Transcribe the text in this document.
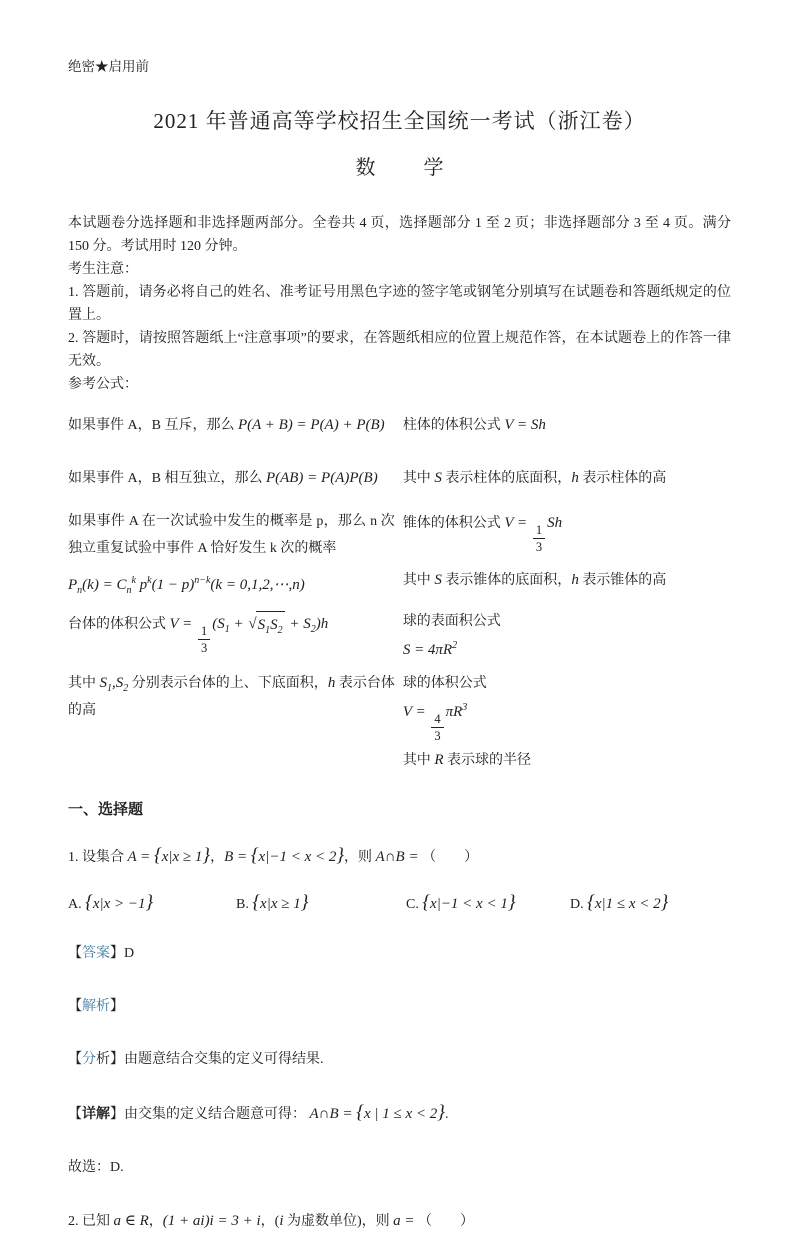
绝密★启用前
2021 年普通高等学校招生全国统一考试（浙江卷）
数　学

本试题卷分选择题和非选择题两部分。全卷共 4 页，选择题部分 1 至 2 页；非选择题部分 3 至 4 页。满分 150 分。考试用时 120 分钟。

考生注意：

1. 答题前，请务必将自己的姓名、准考证号用黑色字迹的签字笔或钢笔分别填写在试题卷和答题纸规定的位置上。

2. 答题时，请按照答题纸上“注意事项”的要求，在答题纸相应的位置上规范作答，在本试题卷上的作答一律无效。

参考公式：

如果事件 A，B 互斥，那么 P(A + B) = P(A) + P(B)
如果事件 A，B 相互独立，那么 P(AB) = P(A)P(B)
如果事件 A 在一次试验中发生的概率是 p，那么 n 次独立重复试验中事件 A 恰好发生 k 次的概率
$P_n(k) = C_n^k$ $p^k(1 - p)^{n-k}(k$ = 0,1,2,⋯,n)
台体的体积公式 $V = \frac{1}{3} (S_1$ + √ $S_1S_2 + S_2)h$
其中 $S_1,S_2$ 分别表示台体的上、下底面积，h 表示台体的高
柱体的体积公式 V = Sh
其中 S 表示柱体的底面积，h 表示柱体的高
锥体的体积公式 $V = \frac{1}{3}$ Sh
其中 S 表示锥体的底面积，h 表示锥体的高
球的表面积公式
$S = 4\pi R^2$
球的体积公式
$V = \frac{4}{3} \pi R^3$
其中 R 表示球的半径
一、选择题
1. 设集合 A = {x|x ≥ 1}，B = {x|−1 < x < 2}，则 A∩B = （　　）
A. {x|x > −1}	B. {x|x ≥ 1}	C. {x|−1 < x < 1}	D. {x|1 ≤ x < 2}
【答案】D
【解析】
【分析】由题意结合交集的定义可得结果.
【详解】由交集的定义结合题意可得： A∩B = {x | 1 ≤ x < 2}.
故选：D.
2. 已知 a ∈ R，(1 + ai)i = 3 + i，(i 为虚数单位)，则 a = （　　）
